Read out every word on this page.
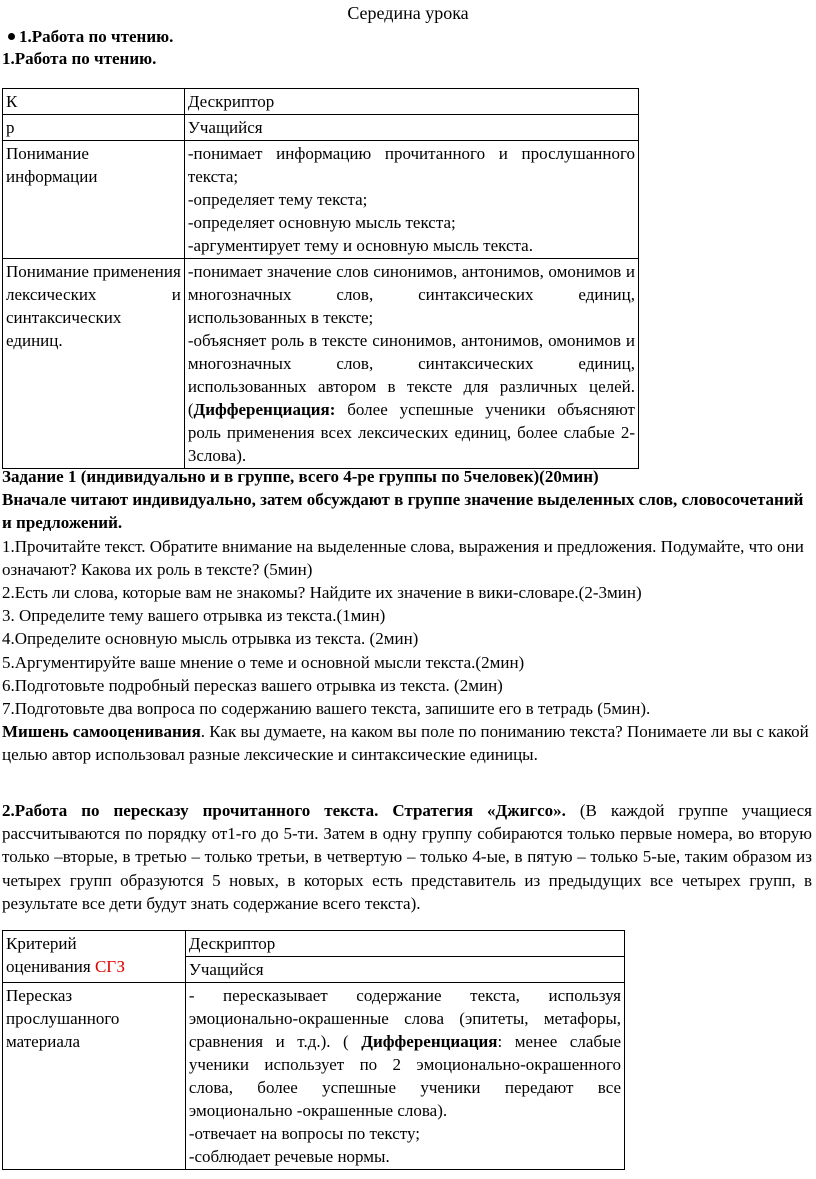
Середина урока
1.Работа по чтению.
1.Работа по чтению.
К	Дескриптор

р	Учащийся

Понимание информации	-понимает информацию прочитанного и прослушанного текста;
-определяет тему текста;
-определяет основную мысль текста;
-аргументирует тему и основную мысль текста.

Понимание применения лексических и синтаксических единиц.	-понимает значение слов синонимов, антонимов, омонимов и многозначных слов, синтаксических единиц, использованных в тексте;
-объясняет роль в тексте синонимов, антонимов, омонимов и многозначных слов, синтаксических единиц, использованных автором в тексте для различных целей. (Дифференциация: более успешные ученики объясняют роль применения всех лексических единиц, более слабые 2-3слова).
Задание 1 (индивидуально и в группе, всего 4-ре группы по 5человек)(20мин)
Вначале читают индивидуально, затем обсуждают в группе значение выделенных слов, словосочетаний и предложений.
1.Прочитайте текст. Обратите внимание на выделенные слова, выражения и предложения. Подумайте, что они означают? Какова их роль в тексте? (5мин)
2.Есть ли слова, которые вам не знакомы? Найдите их значение в вики-словаре.(2-3мин)
3. Определите тему вашего отрывка из текста.(1мин)
4.Определите основную мысль отрывка из текста. (2мин)
5.Аргументируйте ваше мнение о теме и основной мысли текста.(2мин)
6.Подготовьте подробный пересказ вашего отрывка из текста. (2мин)
7.Подготовьте два вопроса по содержанию вашего текста, запишите его в тетрадь (5мин).
Мишень самооценивания. Как вы думаете, на каком вы поле по пониманию текста? Понимаете ли вы с какой целью автор использовал разные лексические и синтаксические единицы.
2.Работа по пересказу прочитанного текста. Стратегия «Джигсо». (В каждой группе учащиеся рассчитываются по порядку от1-го до 5-ти. Затем в одну группу собираются только первые номера, во вторую только –вторые, в третью – только третьи, в четвертую – только 4-ые, в пятую – только 5-ые, таким образом из четырех групп образуются 5 новых, в которых есть представитель из предыдущих все четырех групп, в результате все дети будут знать содержание всего текста).
Критерий
оценивания СГЗ	Дескриптор

	Учащийся

Пересказ прослушанного материала	- пересказывает содержание текста, используя эмоционально-окрашенные слова (эпитеты, метафоры, сравнения и т.д.). ( Дифференциация: менее слабые ученики использует по 2 эмоционально-окрашенного слова, более успешные ученики передают все эмоционально -окрашенные слова).
-отвечает на вопросы по тексту;
-соблюдает речевые нормы.
